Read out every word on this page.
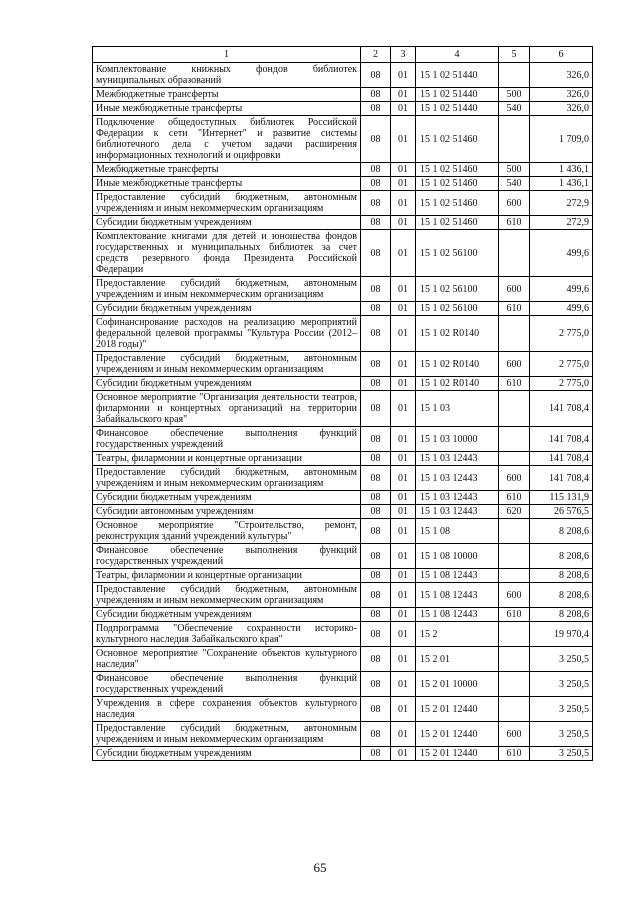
1	2	3	4	5	6
Комплектование книжных фондов библиотек муниципальных образований	08	01	15 1 02 51440		326,0
Межбюджетные трансферты	08	01	15 1 02 51440	500	326,0
Иные межбюджетные трансферты	08	01	15 1 02 51440	540	326,0
Подключение общедоступных библиотек Российской Федерации к сети "Интернет" и развитие системы библиотечного дела с учетом задачи расширения информационных технологий и оцифровки	08	01	15 1 02 51460		1 709,0
Межбюджетные трансферты	08	01	15 1 02 51460	500	1 436,1
Иные межбюджетные трансферты	08	01	15 1 02 51460	540	1 436,1
Предоставление субсидий бюджетным, автономным учреждениям и иным некоммерческим организациям	08	01	15 1 02 51460	600	272,9
Субсидии бюджетным учреждениям	08	01	15 1 02 51460	610	272,9
Комплектование книгами для детей и юношества фондов государственных и муниципальных библиотек за счет средств резервного фонда Президента Российской Федерации	08	01	15 1 02 56100		499,6
Предоставление субсидий бюджетным, автономным учреждениям и иным некоммерческим организациям	08	01	15 1 02 56100	600	499,6
Субсидии бюджетным учреждениям	08	01	15 1 02 56100	610	499,6
Софинансирование расходов на реализацию мероприятий федеральной целевой программы "Культура России (2012–2018 годы)"	08	01	15 1 02 R0140		2 775,0
Предоставление субсидий бюджетным, автономным учреждениям и иным некоммерческим организациям	08	01	15 1 02 R0140	600	2 775,0
Субсидии бюджетным учреждениям	08	01	15 1 02 R0140	610	2 775,0
Основное мероприятие "Организация деятельности театров, филармонии и концертных организаций на территории Забайкальского края"	08	01	15 1 03		141 708,4
Финансовое обеспечение выполнения функций государственных учреждений	08	01	15 1 03 10000		141 708,4
Театры, филармонии и концертные организации	08	01	15 1 03 12443		141 708,4
Предоставление субсидий бюджетным, автономным учреждениям и иным некоммерческим организациям	08	01	15 1 03 12443	600	141 708,4
Субсидии бюджетным учреждениям	08	01	15 1 03 12443	610	115 131,9
Субсидии автономным учреждениям	08	01	15 1 03 12443	620	26 576,5
Основное мероприятие "Строительство, ремонт, реконструкция зданий учреждений культуры"	08	01	15 1 08		8 208,6
Финансовое обеспечение выполнения функций государственных учреждений	08	01	15 1 08 10000		8 208,6
Театры, филармонии и концертные организации	08	01	15 1 08 12443		8 208,6
Предоставление субсидий бюджетным, автономным учреждениям и иным некоммерческим организациям	08	01	15 1 08 12443	600	8 208,6
Субсидии бюджетным учреждениям	08	01	15 1 08 12443	610	8 208,6
Подпрограмма "Обеспечение сохранности историко-культурного наследия Забайкальского края"	08	01	15 2		19 970,4
Основное мероприятие "Сохранение объектов культурного наследия"	08	01	15 2 01		3 250,5
Финансовое обеспечение выполнения функций государственных учреждений	08	01	15 2 01 10000		3 250,5
Учреждения в сфере сохранения объектов культурного наследия	08	01	15 2 01 12440		3 250,5
Предоставление субсидий бюджетным, автономным учреждениям и иным некоммерческим организациям	08	01	15 2 01 12440	600	3 250,5
Субсидии бюджетным учреждениям	08	01	15 2 01 12440	610	3 250,5
65
